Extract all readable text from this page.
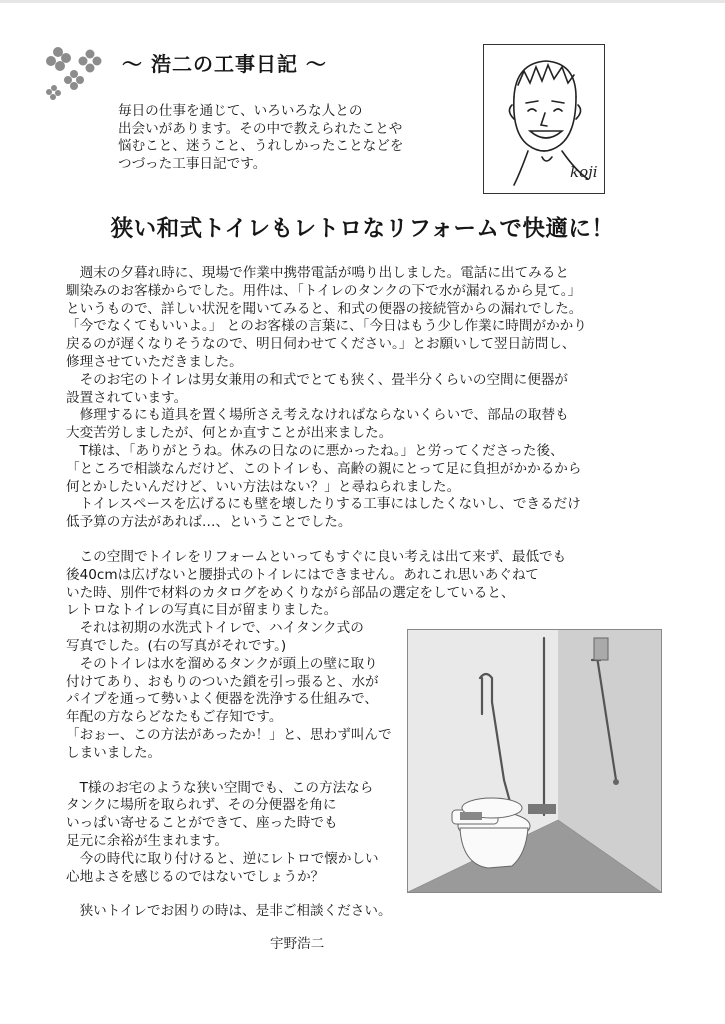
〜 浩二の工事日記 〜

毎日の仕事を通じて、いろいろな人との

出会いがあります。その中で教えられたことや

悩むこと、迷うこと、うれしかったことなどを

つづった工事日記です。	koji
狭い和式トイレもレトロなリフォームで快適に！

　週末の夕暮れ時に、現場で作業中携帯電話が鳴り出しました。電話に出てみると

馴染みのお客様からでした。用件は、「トイレのタンクの下で水が漏れるから見て。」

というもので、詳しい状況を聞いてみると、和式の便器の接続管からの漏れでした。

「今でなくてもいいよ。」 とのお客様の言葉に、「今日はもう少し作業に時間がかかり

戻るのが遅くなりそうなので、明日伺わせてください。」とお願いして翌日訪問し、

修理させていただきました。

　そのお宅のトイレは男女兼用の和式でとても狭く、畳半分くらいの空間に便器が

設置されています。

　修理するにも道具を置く場所さえ考えなければならないくらいで、部品の取替も

大変苦労しましたが、何とか直すことが出来ました。

　T様は、「ありがとうね。休みの日なのに悪かったね。」と労ってくださった後、

「ところで相談なんだけど、このトイレも、高齢の親にとって足に負担がかかるから

何とかしたいんだけど、いい方法はない？」と尋ねられました。

　トイレスペースを広げるにも壁を壊したりする工事にはしたくないし、できるだけ

低予算の方法があれば…、ということでした。

　この空間でトイレをリフォームといってもすぐに良い考えは出て来ず、最低でも

後40cmは広げないと腰掛式のトイレにはできません。あれこれ思いあぐねて

いた時、別件で材料のカタログをめくりながら部品の選定をしていると、

レトロなトイレの写真に目が留まりました。

　それは初期の水洗式トイレで、ハイタンク式の

写真でした。(右の写真がそれです。)

　そのトイレは水を溜めるタンクが頭上の壁に取り

付けてあり、おもりのついた鎖を引っ張ると、水が

パイプを通って勢いよく便器を洗浄する仕組みで、

年配の方ならどなたもご存知です。

「おぉー、この方法があったか！」と、思わず叫んで

しまいました。

　T様のお宅のような狭い空間でも、この方法なら

タンクに場所を取られず、その分便器を角に

いっぱい寄せることができて、座った時でも

足元に余裕が生まれます。

　今の時代に取り付けると、逆にレトロで懐かしい

心地よさを感じるのではないでしょうか？

　狭いトイレでお困りの時は、是非ご相談ください。

宇野浩二
